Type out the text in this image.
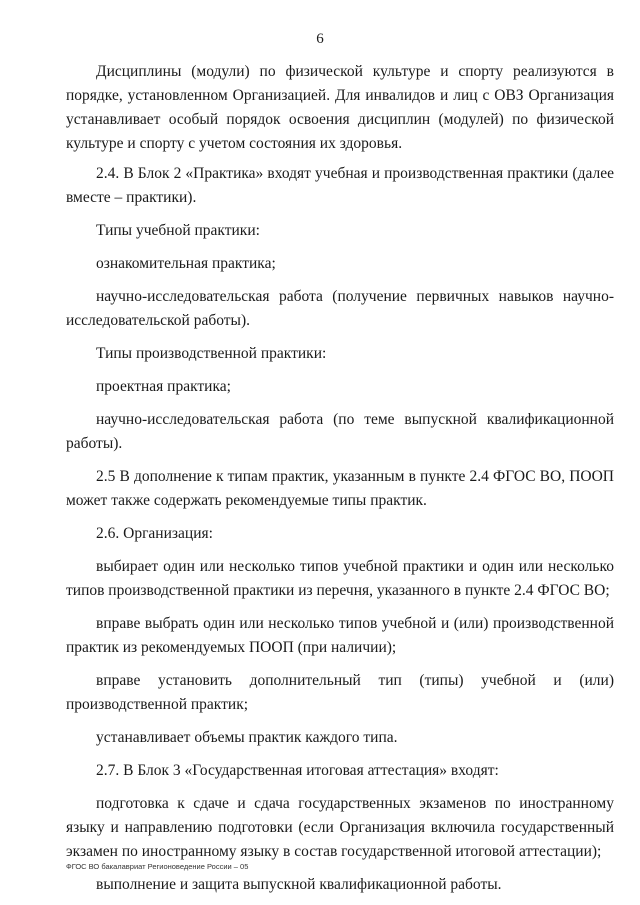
6

Дисциплины (модули) по физической культуре и спорту реализуются в порядке, установленном Организацией. Для инвалидов и лиц с ОВЗ Организация устанавливает особый порядок освоения дисциплин (модулей) по физической культуре и спорту с учетом состояния их здоровья.

2.4. В Блок 2 «Практика» входят учебная и производственная практики (далее вместе – практики).

Типы учебной практики:

ознакомительная практика;

научно-исследовательская работа (получение первичных навыков научно-исследовательской работы).

Типы производственной практики:

проектная практика;

научно-исследовательская работа (по теме выпускной квалификационной работы).

2.5 В дополнение к типам практик, указанным в пункте 2.4 ФГОС ВО, ПООП может также содержать рекомендуемые типы практик.

2.6. Организация:

выбирает один или несколько типов учебной практики и один или несколько типов производственной практики из перечня, указанного в пункте 2.4 ФГОС ВО;

вправе выбрать один или несколько типов учебной и (или) производственной практик из рекомендуемых ПООП (при наличии);

вправе установить дополнительный тип (типы) учебной и (или) производственной практик;

устанавливает объемы практик каждого типа.

2.7. В Блок 3 «Государственная итоговая аттестация» входят:

подготовка к сдаче и сдача государственных экзаменов по иностранному языку и направлению подготовки (если Организация включила государственный экзамен по иностранному языку в состав государственной итоговой аттестации);

выполнение и защита выпускной квалификационной работы.

ФГОС ВО бакалавриат Регионоведение России – 05
